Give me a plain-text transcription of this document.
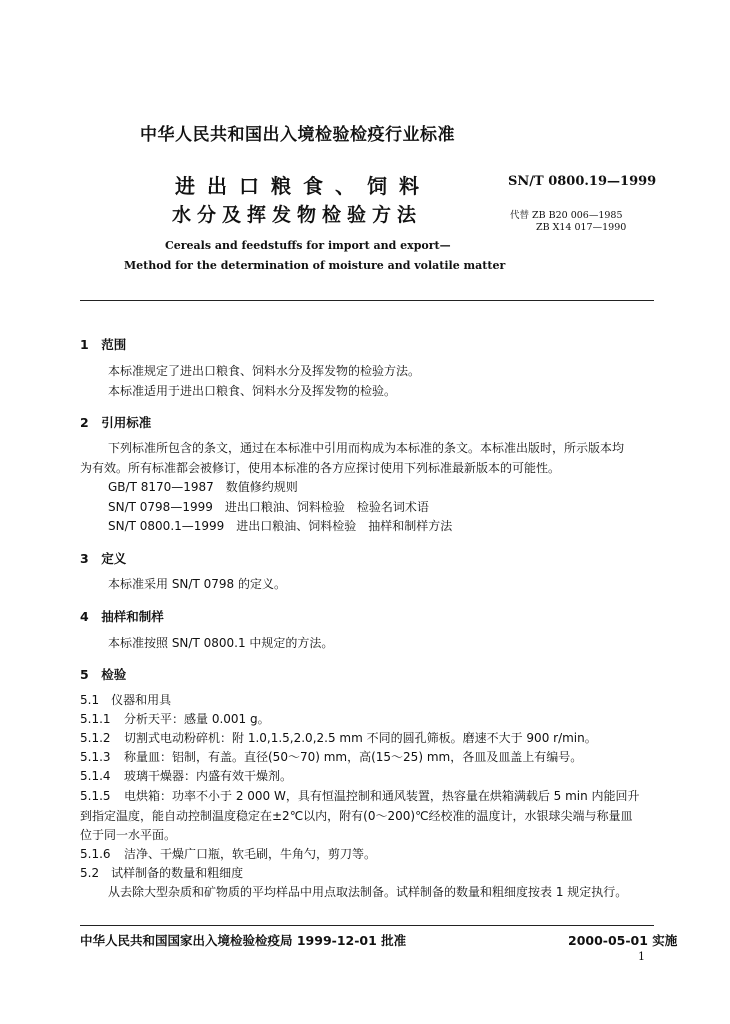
中华人民共和国出入境检验检疫行业标准
进出口粮食、饲料
水分及挥发物检验方法
SN/T 0800.19—1999
代替 ZB B20 006—1985
ZB X14 017—1990
Cereals and feedstuffs for import and export—
Method for the determination of moisture and volatile matter
1　范围
本标准规定了进出口粮食、饲料水分及挥发物的检验方法。
本标准适用于进出口粮食、饲料水分及挥发物的检验。
2　引用标准
下列标准所包含的条文，通过在本标准中引用而构成为本标准的条文。本标准出版时，所示版本均
为有效。所有标准都会被修订，使用本标准的各方应探讨使用下列标准最新版本的可能性。
GB/T 8170—1987　数值修约规则
SN/T 0798—1999　进出口粮油、饲料检验　检验名词术语
SN/T 0800.1—1999　进出口粮油、饲料检验　抽样和制样方法
3　定义
本标准采用 SN/T 0798 的定义。
4　抽样和制样
本标准按照 SN/T 0800.1 中规定的方法。
5　检验
5.1　仪器和用具
5.1.1 分析天平：感量 0.001 g。
5.1.2 切割式电动粉碎机：附 1.0,1.5,2.0,2.5 mm 不同的圆孔筛板。磨速不大于 900 r/min。
5.1.3 称量皿：铝制，有盖。直径(50～70) mm，高(15～25) mm，各皿及皿盖上有编号。
5.1.4 玻璃干燥器：内盛有效干燥剂。
5.1.5 电烘箱：功率不小于 2 000 W，具有恒温控制和通风装置，热容量在烘箱满载后 5 min 内能回升
到指定温度，能自动控制温度稳定在±2℃以内，附有(0～200)℃经校准的温度计，水银球尖端与称量皿
位于同一水平面。
5.1.6 洁净、干燥广口瓶，软毛刷，牛角勺，剪刀等。
5.2　试样制备的数量和粗细度
从去除大型杂质和矿物质的平均样品中用点取法制备。试样制备的数量和粗细度按表 1 规定执行。
中华人民共和国国家出入境检验检疫局 1999-12-01 批准	2000-05-01 实施
1
